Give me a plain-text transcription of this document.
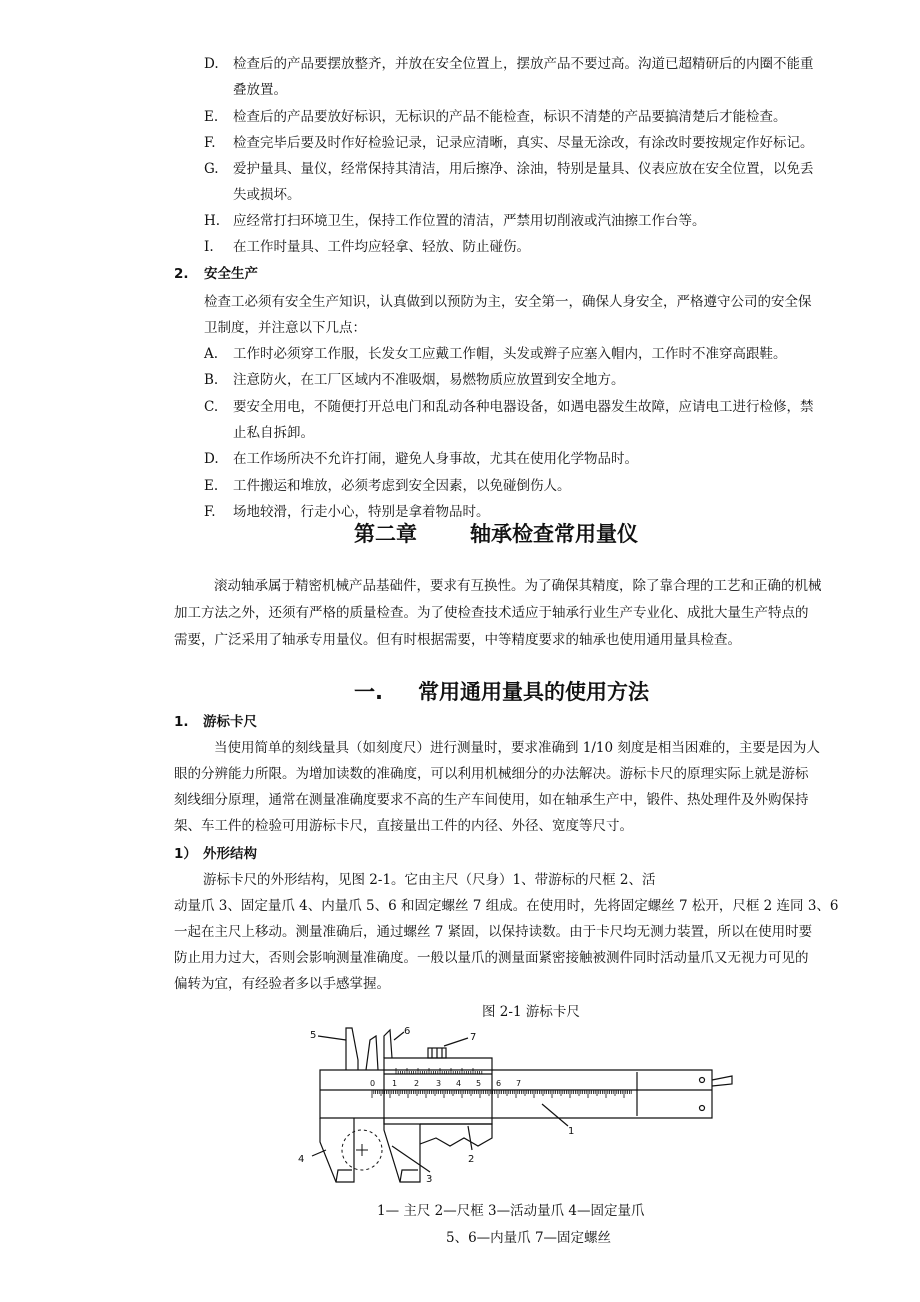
D. 检查后的产品要摆放整齐，并放在安全位置上，摆放产品不要过高。沟道已超精研后的内圈不能重
叠放置。
E. 检查后的产品要放好标识，无标识的产品不能检查，标识不清楚的产品要搞清楚后才能检查。
F. 检查完毕后要及时作好检验记录，记录应清晰，真实、尽量无涂改，有涂改时要按规定作好标记。
G. 爱护量具、量仪，经常保持其清洁，用后擦净、涂油，特别是量具、仪表应放在安全位置，以免丢
失或损坏。
H. 应经常打扫环境卫生，保持工作位置的清洁，严禁用切削液或汽油擦工作台等。
I. 在工作时量具、工件均应轻拿、轻放、防止碰伤。
2. 安全生产
检查工必须有安全生产知识，认真做到以预防为主，安全第一，确保人身安全，严格遵守公司的安全保
卫制度，并注意以下几点：
A. 工作时必须穿工作服，长发女工应戴工作帽，头发或辫子应塞入帽内，工作时不准穿高跟鞋。
B. 注意防火，在工厂区域内不准吸烟，易燃物质应放置到安全地方。
C. 要安全用电，不随便打开总电门和乱动各种电器设备，如遇电器发生故障，应请电工进行检修，禁
止私自拆卸。
D. 在工作场所决不允许打闹，避免人身事故，尤其在使用化学物品时。
E. 工件搬运和堆放，必须考虑到安全因素，以免碰倒伤人。
F. 场地较滑，行走小心，特别是拿着物品时。
第二章	轴承检查常用量仪
滚动轴承属于精密机械产品基础件，要求有互换性。为了确保其精度，除了靠合理的工艺和正确的机械
加工方法之外，还须有严格的质量检查。为了使检查技术适应于轴承行业生产专业化、成批大量生产特点的
需要，广泛采用了轴承专用量仪。但有时根据需要，中等精度要求的轴承也使用通用量具检查。
一. 常用通用量具的使用方法
1. 游标卡尺
当使用简单的刻线量具（如刻度尺）进行测量时，要求准确到 1/10 刻度是相当困难的，主要是因为人
眼的分辨能力所限。为增加读数的准确度，可以利用机械细分的办法解决。游标卡尺的原理实际上就是游标
刻线细分原理，通常在测量准确度要求不高的生产车间使用，如在轴承生产中，锻件、热处理件及外购保持
架、车工件的检验可用游标卡尺，直接量出工件的内径、外径、宽度等尺寸。
1） 外形结构
游标卡尺的外形结构，见图 2-1。它由主尺（尺身）1、带游标的尺框 2、活
动量爪 3、固定量爪 4、内量爪 5、6 和固定螺丝 7 组成。在使用时，先将固定螺丝 7 松开，尺框 2 连同 3、6
一起在主尺上移动。测量准确后，通过螺丝 7 紧固，以保持读数。由于卡尺均无测力装置，所以在使用时要
防止用力过大，否则会影响测量准确度。一般以量爪的测量面紧密接触被测件同时活动量爪又无视力可见的
偏转为宜，有经验者多以手感掌握。
图 2-1 游标卡尺
0 1 2 3 4 5 6 7
1
2
3
4
5	6
7
1— 主尺 2—尺框 3—活动量爪 4—固定量爪
5、6—内量爪 7—固定螺丝
